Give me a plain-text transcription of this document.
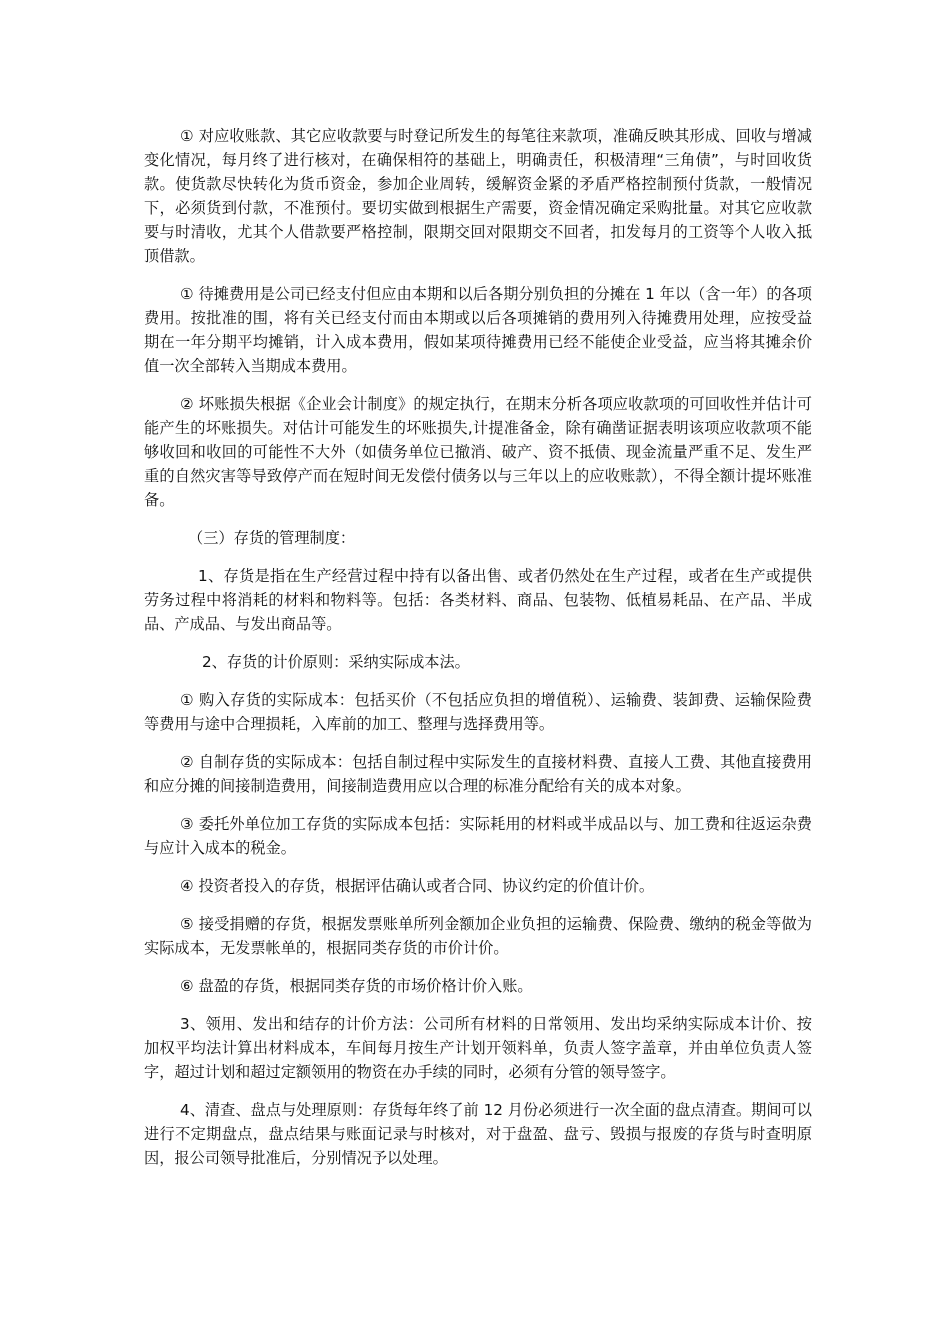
① 对应收账款、其它应收款要与时登记所发生的每笔往来款项，准确反映其形成、回收与增减变化情况，每月终了进行核对，在确保相符的基础上，明确责任，积极清理“三角债”，与时回收货款。使货款尽快转化为货币资金，参加企业周转，缓解资金紧的矛盾严格控制预付货款，一般情况下，必须货到付款，不准预付。要切实做到根据生产需要，资金情况确定采购批量。对其它应收款要与时清收，尤其个人借款要严格控制，限期交回对限期交不回者，扣发每月的工资等个人收入抵顶借款。

① 待摊费用是公司已经支付但应由本期和以后各期分别负担的分摊在 1 年以（含一年）的各项费用。按批准的围，将有关已经支付而由本期或以后各项摊销的费用列入待摊费用处理，应按受益期在一年分期平均摊销，计入成本费用，假如某项待摊费用已经不能使企业受益，应当将其摊余价值一次全部转入当期成本费用。

② 坏账损失根据《企业会计制度》的规定执行，在期末分析各项应收款项的可回收性并估计可能产生的坏账损失。对估计可能发生的坏账损失,计提准备金，除有确凿证据表明该项应收款项不能够收回和收回的可能性不大外（如债务单位已撤消、破产、资不抵债、现金流量严重不足、发生严重的自然灾害等导致停产而在短时间无发偿付债务以与三年以上的应收账款），不得全额计提坏账准备。

（三）存货的管理制度：

1、存货是指在生产经营过程中持有以备出售、或者仍然处在生产过程，或者在生产或提供劳务过程中将消耗的材料和物料等。包括：各类材料、商品、包装物、低植易耗品、在产品、半成品、产成品、与发出商品等。

2、存货的计价原则：采纳实际成本法。

① 购入存货的实际成本：包括买价（不包括应负担的增值税）、运输费、装卸费、运输保险费等费用与途中合理损耗，入库前的加工、整理与选择费用等。

② 自制存货的实际成本：包括自制过程中实际发生的直接材料费、直接人工费、其他直接费用和应分摊的间接制造费用，间接制造费用应以合理的标准分配给有关的成本对象。

③ 委托外单位加工存货的实际成本包括：实际耗用的材料或半成品以与、加工费和往返运杂费与应计入成本的税金。

④ 投资者投入的存货，根据评估确认或者合同、协议约定的价值计价。

⑤ 接受捐赠的存货，根据发票账单所列金额加企业负担的运输费、保险费、缴纳的税金等做为实际成本，无发票帐单的，根据同类存货的市价计价。

⑥ 盘盈的存货，根据同类存货的市场价格计价入账。

3、领用、发出和结存的计价方法：公司所有材料的日常领用、发出均采纳实际成本计价、按加权平均法计算出材料成本，车间每月按生产计划开领料单，负责人签字盖章，并由单位负责人签字，超过计划和超过定额领用的物资在办手续的同时，必须有分管的领导签字。

4、清查、盘点与处理原则：存货每年终了前 12 月份必须进行一次全面的盘点清查。期间可以进行不定期盘点，盘点结果与账面记录与时核对，对于盘盈、盘亏、毁损与报废的存货与时查明原因，报公司领导批准后，分别情况予以处理。
